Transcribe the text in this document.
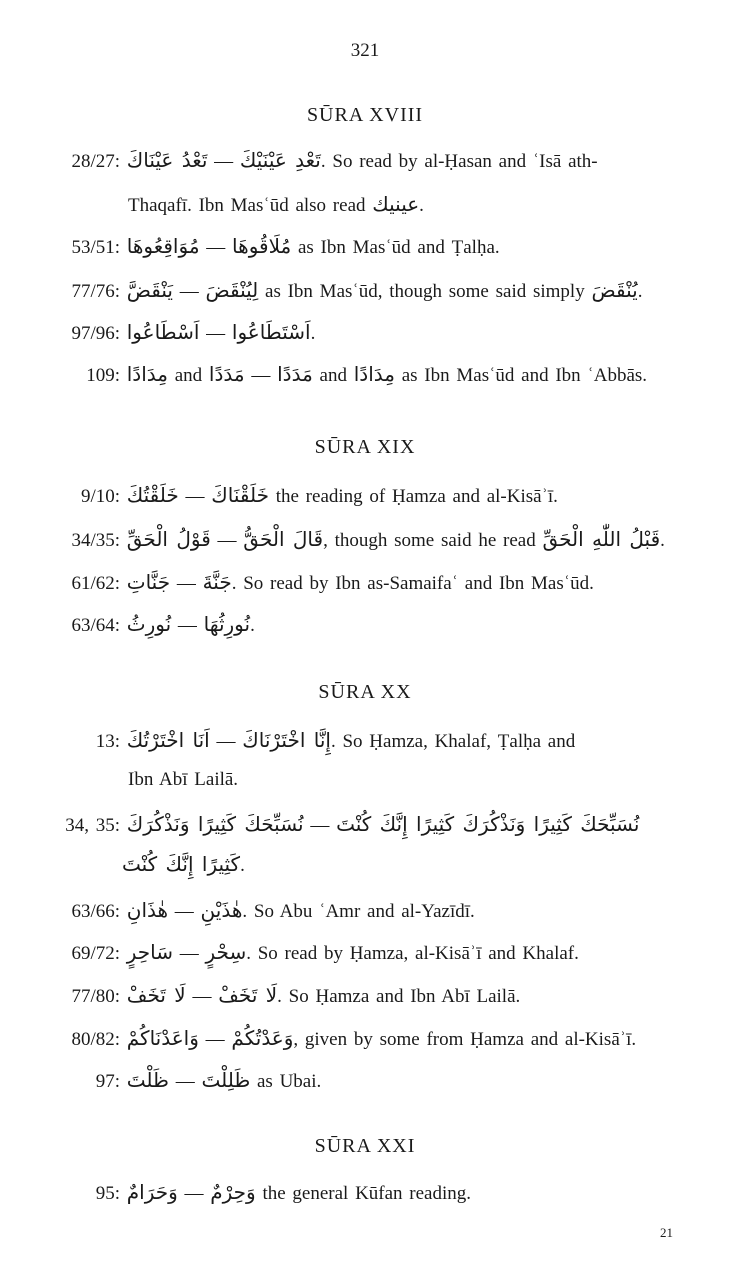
321
SŪRA XVIII
28/27: تَعْدُ عَيْنَاكَ — تَعْدِ عَيْنَيْكَ. So read by al-Ḥasan and ʿIsā ath-
Thaqafī. Ibn Masʿūd also read عينيك.
53/51: مُوَاقِعُوهَا — مُلَاقُوهَا as Ibn Masʿūd and Ṭalḥa.
77/76: يَنْقَضَّ — لِيُنْقَضَ as Ibn Masʿūd, though some said simply يُنْقَضَ.
97/96: اَسْطَاعُوا — اَسْتَطَاعُوا.
109: مِدَادًا and مَدَدًا — مَدَدًا and مِدَادًا as Ibn Masʿūd and Ibn ʿAbbās.
SŪRA XIX
9/10: خَلَقْتُكَ — خَلَقْنَاكَ the reading of Ḥamza and al-Kisāʾī.
34/35: قَوْلُ الْحَقِّ — قَالَ الْحَقُّ, though some said he read قَبْلُ اللّٰهِ الْحَقِّ.
61/62: جَنَّاتِ — جَنَّةَ. So read by Ibn as-Samaifaʿ and Ibn Masʿūd.
63/64: نُورِثُ — نُورِثُهَا.
SŪRA XX
13: اَنَا اخْتَرْتُكَ — إِنَّا اخْتَرْنَاكَ. So Ḥamza, Khalaf, Ṭalḥa and
Ibn Abī Lailā.
34, 35: نُسَبِّحَكَ كَثِيرًا وَنَذْكُرَكَ — نُسَبِّحَكَ كَثِيرًا وَنَذْكُرَكَ كَثِيرًا إِنَّكَ كُنْتَ
كَثِيرًا إِنَّكَ كُنْتَ.
63/66: هٰذَانِ — هٰذَيْنِ. So Abu ʿAmr and al-Yazīdī.
69/72: سَاحِرٍ — سِحْرٍ. So read by Ḥamza, al-Kisāʾī and Khalaf.
77/80: لَا تَخَفْ — لَا تَخَفْ. So Ḥamza and Ibn Abī Lailā.
80/82: وَاعَدْنَاكُمْ — وَعَدْتُكُمْ, given by some from Ḥamza and al-Kisāʾī.
97: ظَلْتَ — ظَلِلْتَ as Ubai.
SŪRA XXI
95: وَحَرَامٌ — وَحِرْمٌ the general Kūfan reading.
21
